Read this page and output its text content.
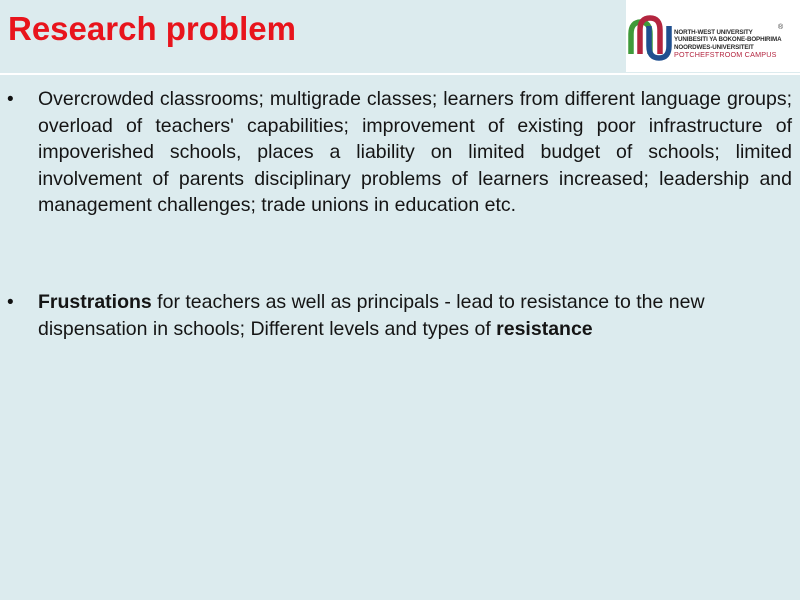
Research problem	NORTH-WEST UNIVERSITY
YUNIBESITI YA BOKONE-BOPHIRIMA
NOORDWES-UNIVERSITEIT
POTCHEFSTROOM CAMPUS
®
• Overcrowded classrooms; multigrade classes; learners from different language groups; overload of teachers' capabilities; improvement of existing poor infrastructure of impoverished schools, places a liability on limited budget of schools; limited involvement of parents disciplinary problems of learners increased; leadership and management challenges; trade unions in education etc.

• Frustrations for teachers as well as principals - lead to resistance to the new dispensation in schools; Different levels and types of resistance
